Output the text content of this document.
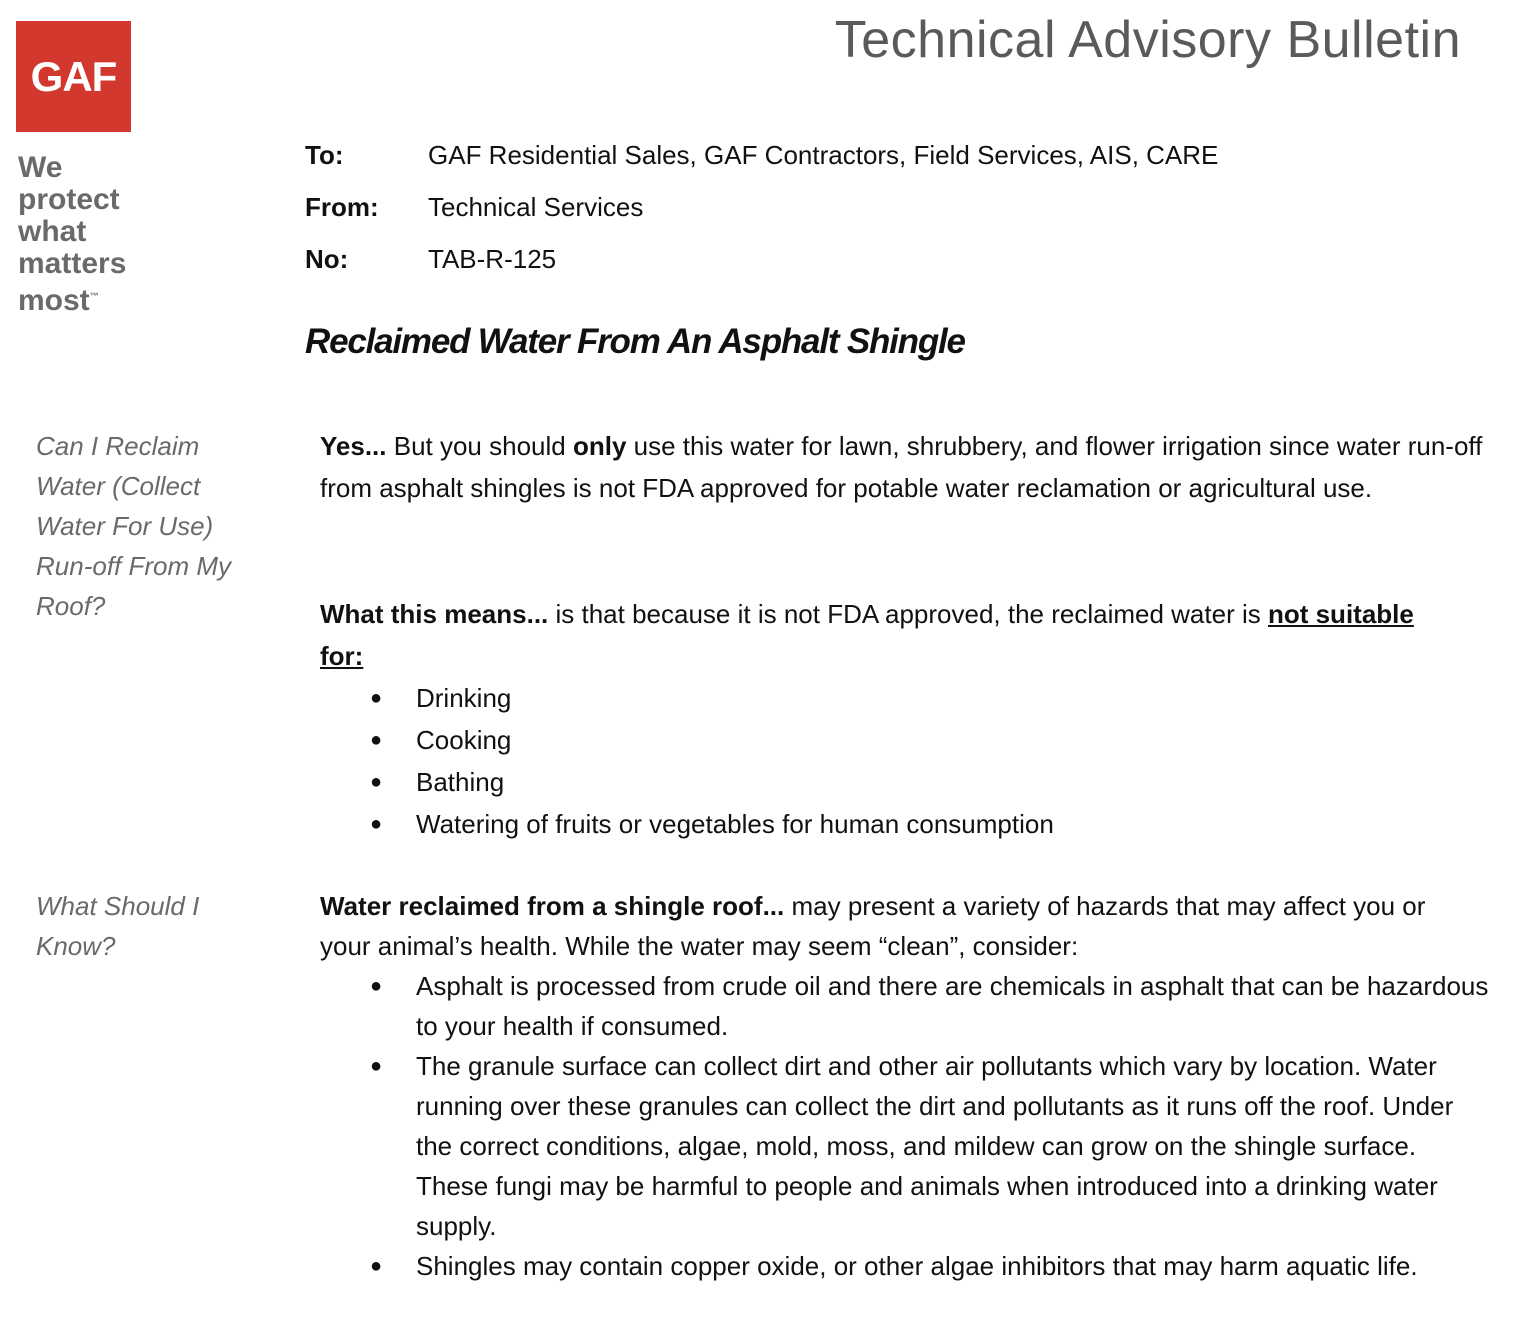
GAF
We
protect
what
matters
most™
Technical Advisory Bulletin
To:	GAF Residential Sales, GAF Contractors, Field Services, AIS, CARE
From: Technical Services
No:	TAB-R-125
Reclaimed Water From An Asphalt Shingle
Can I Reclaim
Water (Collect
Water For Use)
Run-off From My
Roof?
Yes... But you should only use this water for lawn, shrubbery, and flower irrigation since water run-off from asphalt shingles is not FDA approved for potable water reclamation or agricultural use.
What this means... is that because it is not FDA approved, the reclaimed water is not suitable for:
● Drinking
● Cooking
● Bathing
● Watering of fruits or vegetables for human consumption
What Should I
Know?
Water reclaimed from a shingle roof... may present a variety of hazards that may affect you or your animal’s health. While the water may seem “clean”, consider:
● Asphalt is processed from crude oil and there are chemicals in asphalt that can be hazardous to your health if consumed.
● The granule surface can collect dirt and other air pollutants which vary by location. Water running over these granules can collect the dirt and pollutants as it runs off the roof. Under the correct conditions, algae, mold, moss, and mildew can grow on the shingle surface. These fungi may be harmful to people and animals when introduced into a drinking water supply.
● Shingles may contain copper oxide, or other algae inhibitors that may harm aquatic life.
